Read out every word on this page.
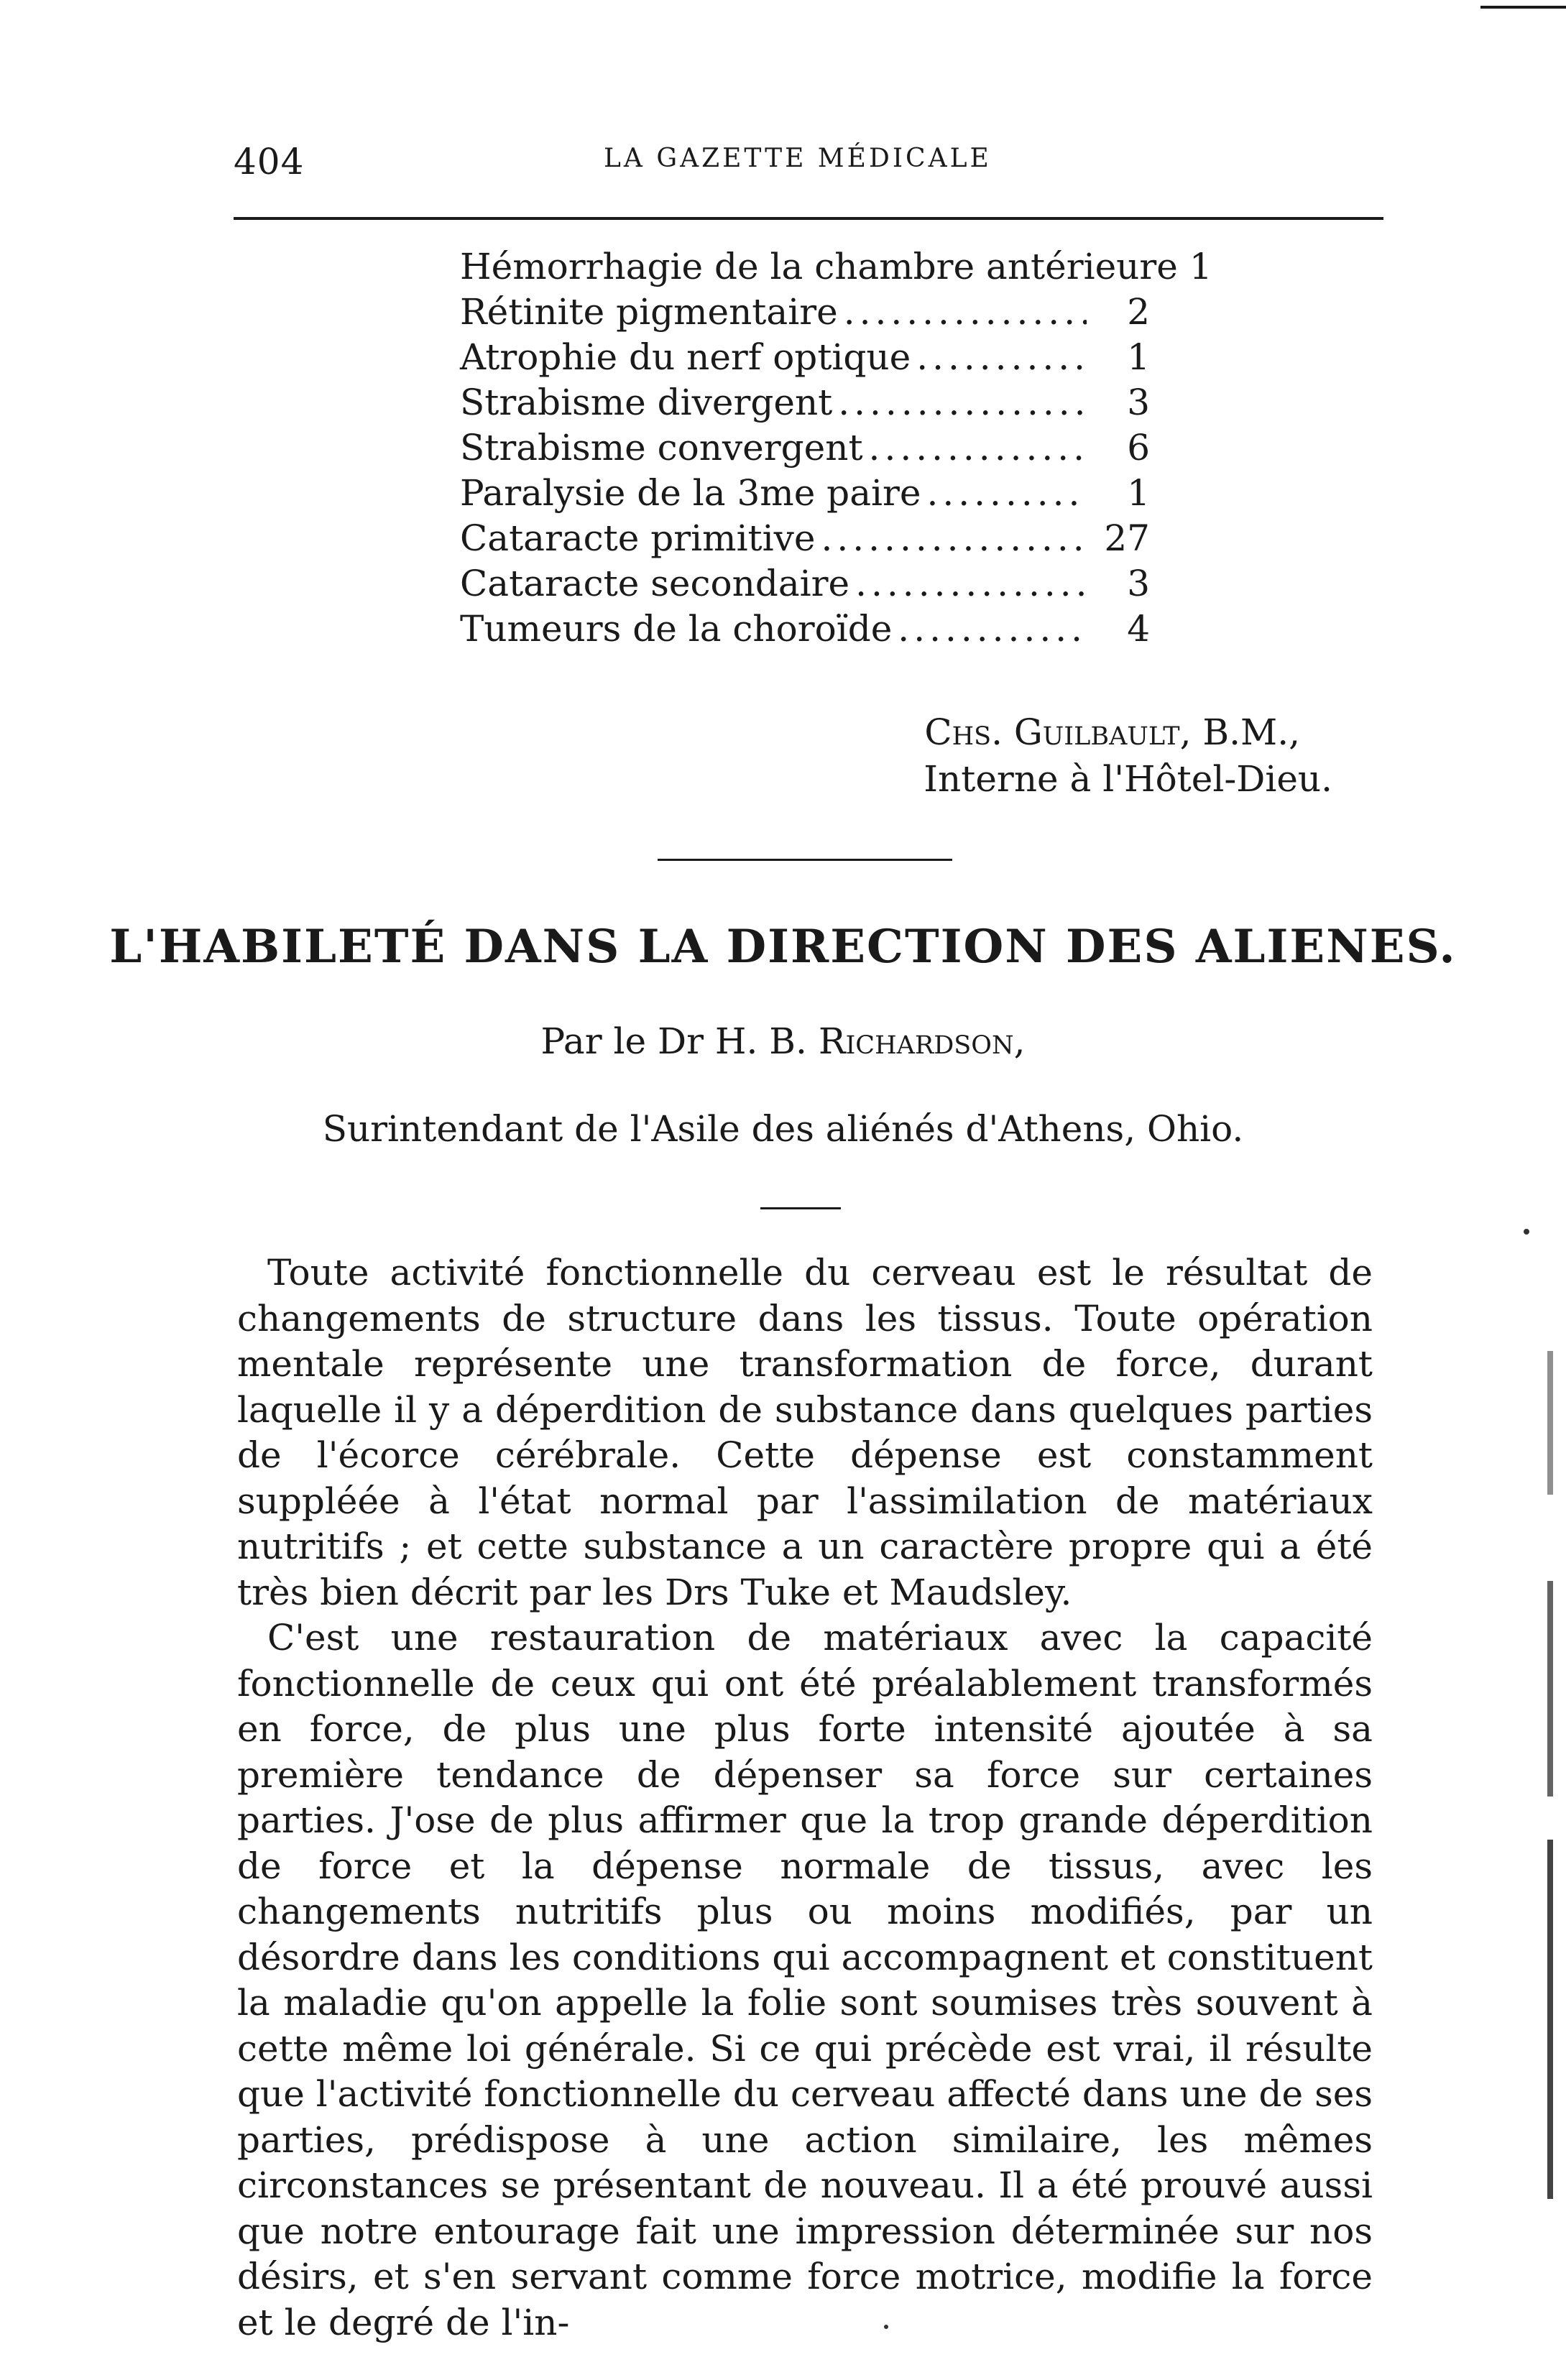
404	LA GAZETTE MÉDICALE
Hémorrhagie de la chambre antérieure 1
Rétinite pigmentaire .....	2
Atrophie du nerf optique .....	1
Strabisme divergent .....	3
Strabisme convergent .....	6
Paralysie de la 3me paire .....	1
Cataracte primitive .....	27
Cataracte secondaire .....	3
Tumeurs de la choroïde .....	4
Chs. Guilbault, B.M.,
Interne à l'Hôtel-Dieu.
L'HABILETÉ DANS LA DIRECTION DES ALIENES.
Par le Dr H. B. Richardson,
Surintendant de l'Asile des aliénés d'Athens, Ohio.

Toute activité fonctionnelle du cerveau est le résultat de changements de structure dans les tissus. Toute opération mentale représente une transformation de force, durant laquelle il y a déperdition de substance dans quelques parties de l'écorce cérébrale. Cette dépense est constamment suppléée à l'état normal par l'assimilation de matériaux nutritifs ; et cette substance a un caractère propre qui a été très bien décrit par les Drs Tuke et Maudsley.

C'est une restauration de matériaux avec la capacité fonctionnelle de ceux qui ont été préalablement transformés en force, de plus une plus forte intensité ajoutée à sa première tendance de dépenser sa force sur certaines parties. J'ose de plus affirmer que la trop grande déperdition de force et la dépense normale de tissus, avec les changements nutritifs plus ou moins modifiés, par un désordre dans les conditions qui accompagnent et constituent la maladie qu'on appelle la folie sont soumises très souvent à cette même loi générale. Si ce qui précède est vrai, il résulte que l'activité fonctionnelle du cerveau affecté dans une de ses parties, prédispose à une action similaire, les mêmes circonstances se présentant de nouveau. Il a été prouvé aussi que notre entourage fait une impression déterminée sur nos désirs, et s'en servant comme force motrice, modifie la force et le degré de l'in-
